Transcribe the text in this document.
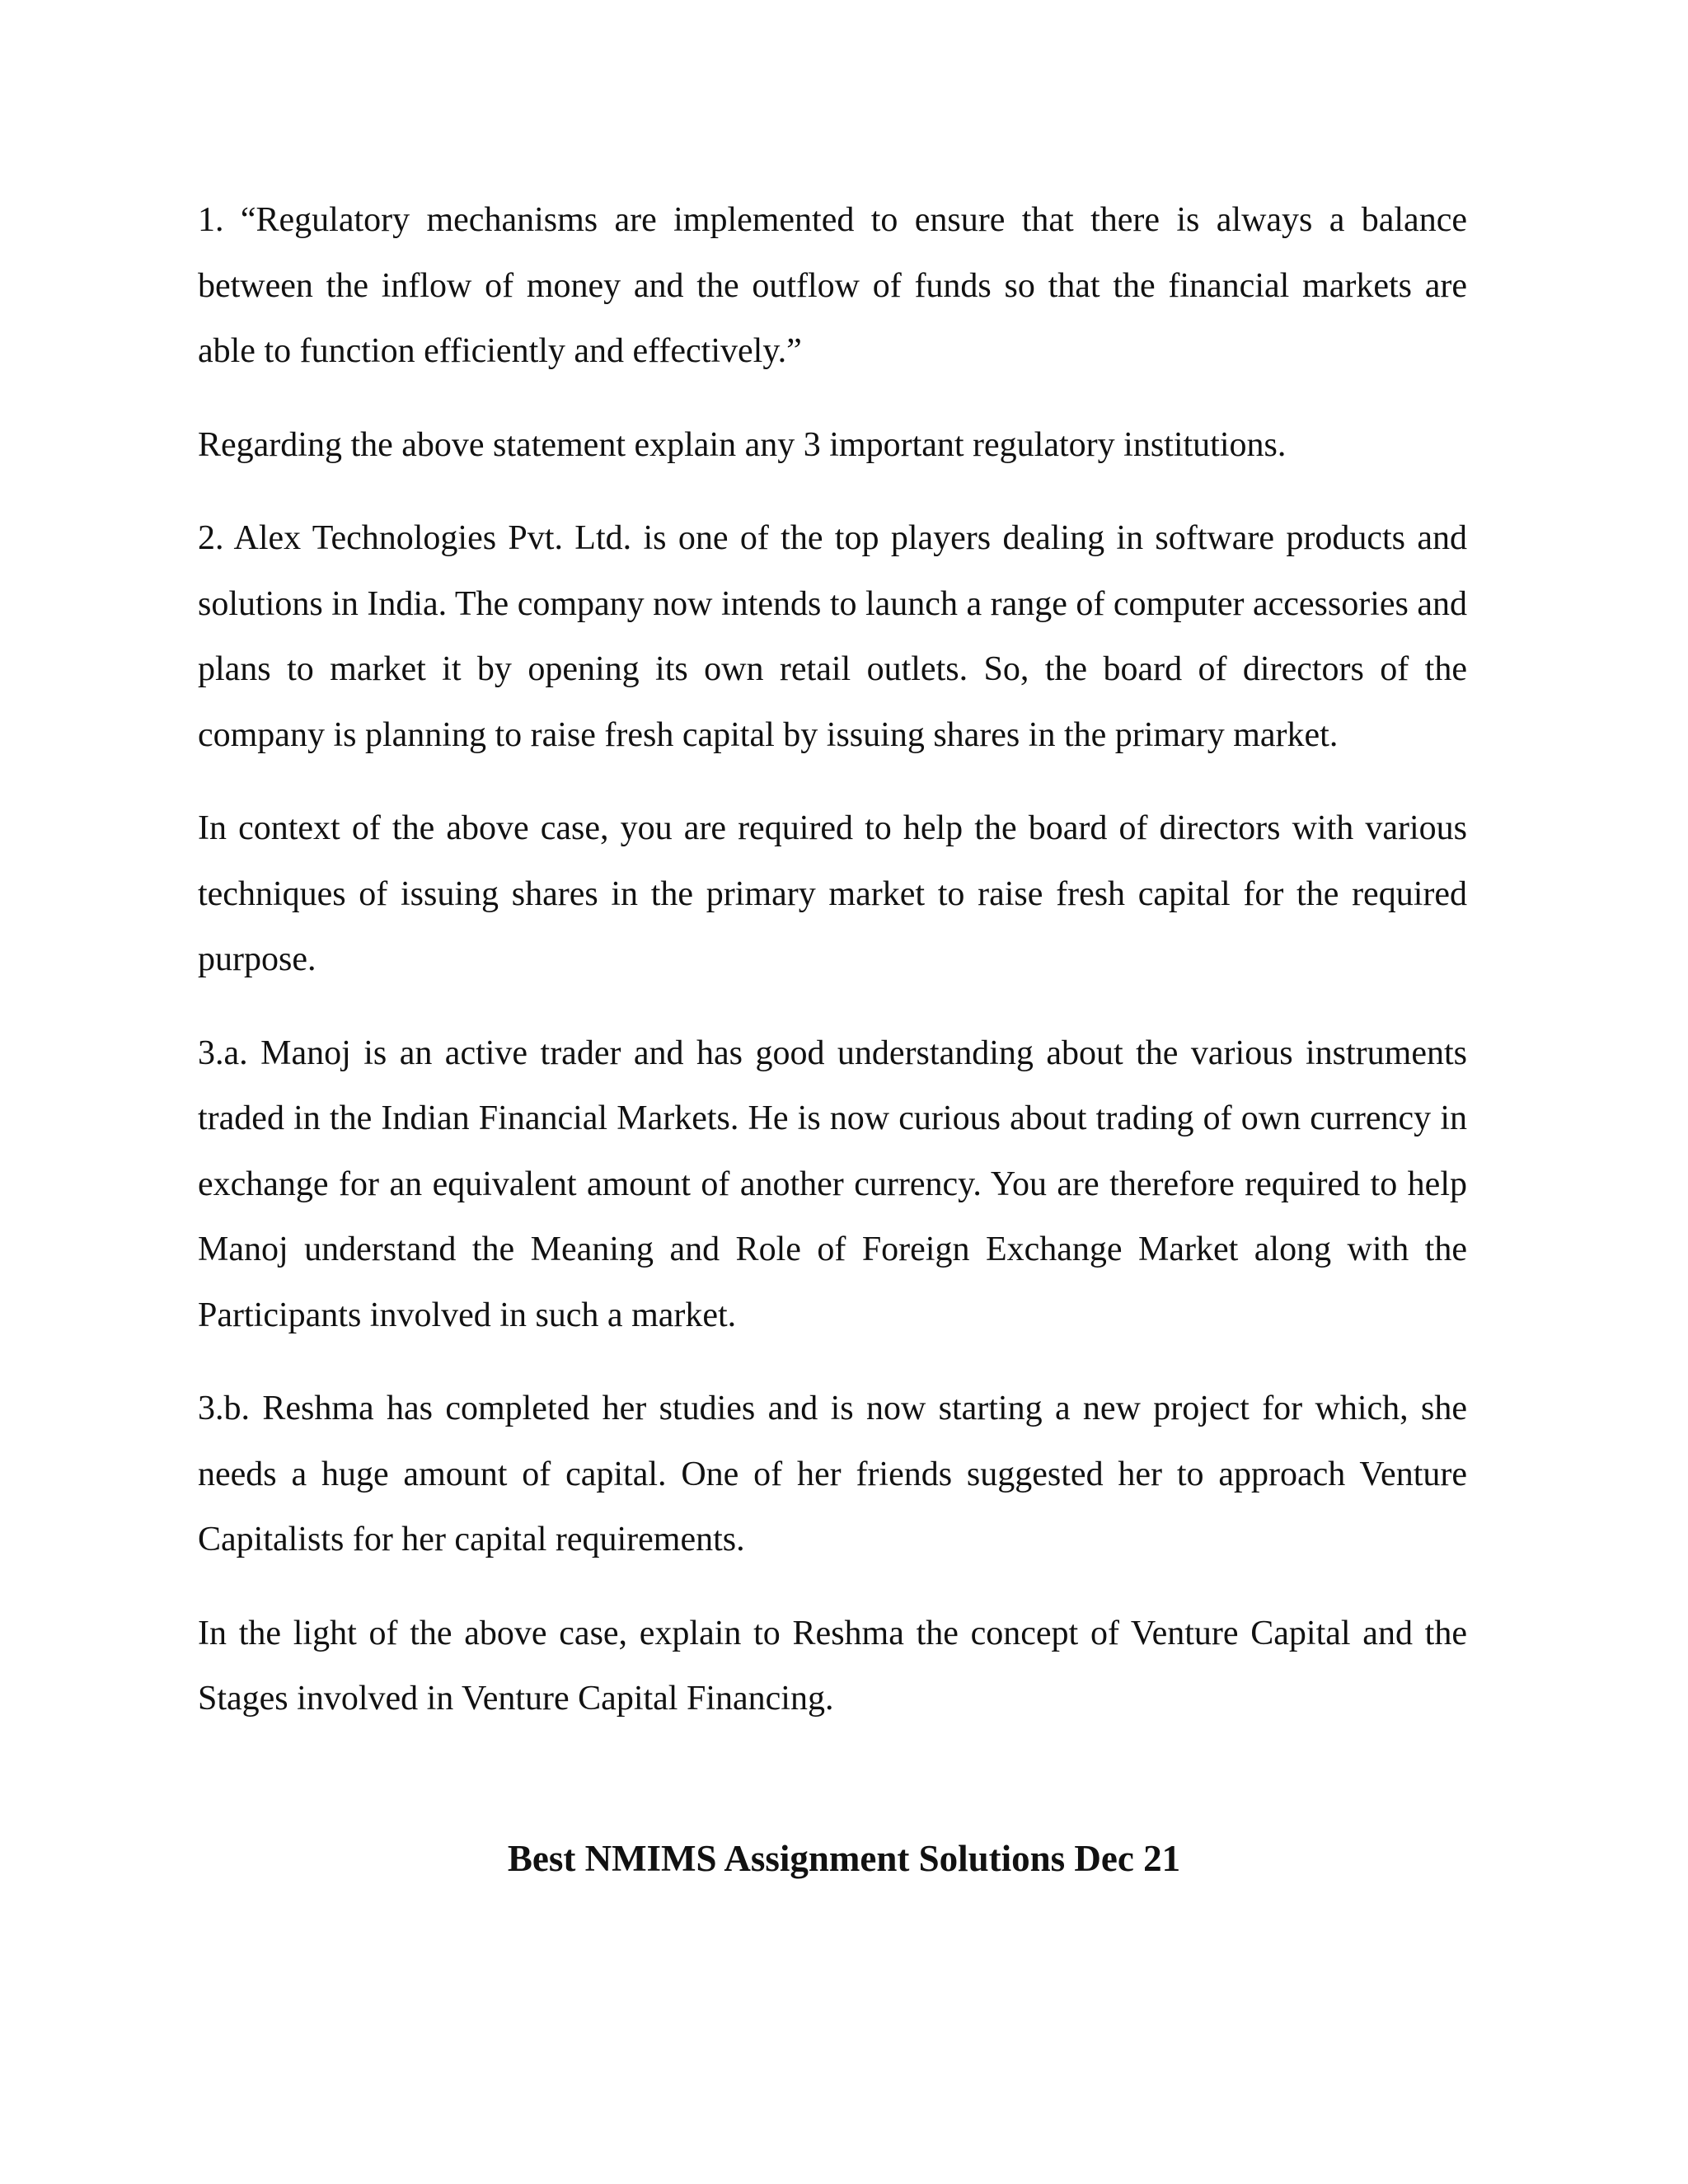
1. “Regulatory mechanisms are implemented to ensure that there is always a balance between the inflow of money and the outflow of funds so that the financial markets are able to function efficiently and effectively.”

Regarding the above statement explain any 3 important regulatory institutions.

2. Alex Technologies Pvt. Ltd. is one of the top players dealing in software products and solutions in India. The company now intends to launch a range of computer accessories and plans to market it by opening its own retail outlets. So, the board of directors of the company is planning to raise fresh capital by issuing shares in the primary market.

In context of the above case, you are required to help the board of directors with various techniques of issuing shares in the primary market to raise fresh capital for the required purpose.

3.a. Manoj is an active trader and has good understanding about the various instruments traded in the Indian Financial Markets. He is now curious about trading of own currency in exchange for an equivalent amount of another currency. You are therefore required to help Manoj understand the Meaning and Role of Foreign Exchange Market along with the Participants involved in such a market.

3.b. Reshma has completed her studies and is now starting a new project for which, she needs a huge amount of capital. One of her friends suggested her to approach Venture Capitalists for her capital requirements.

In the light of the above case, explain to Reshma the concept of Venture Capital and the Stages involved in Venture Capital Financing.

Best NMIMS Assignment Solutions Dec 21
